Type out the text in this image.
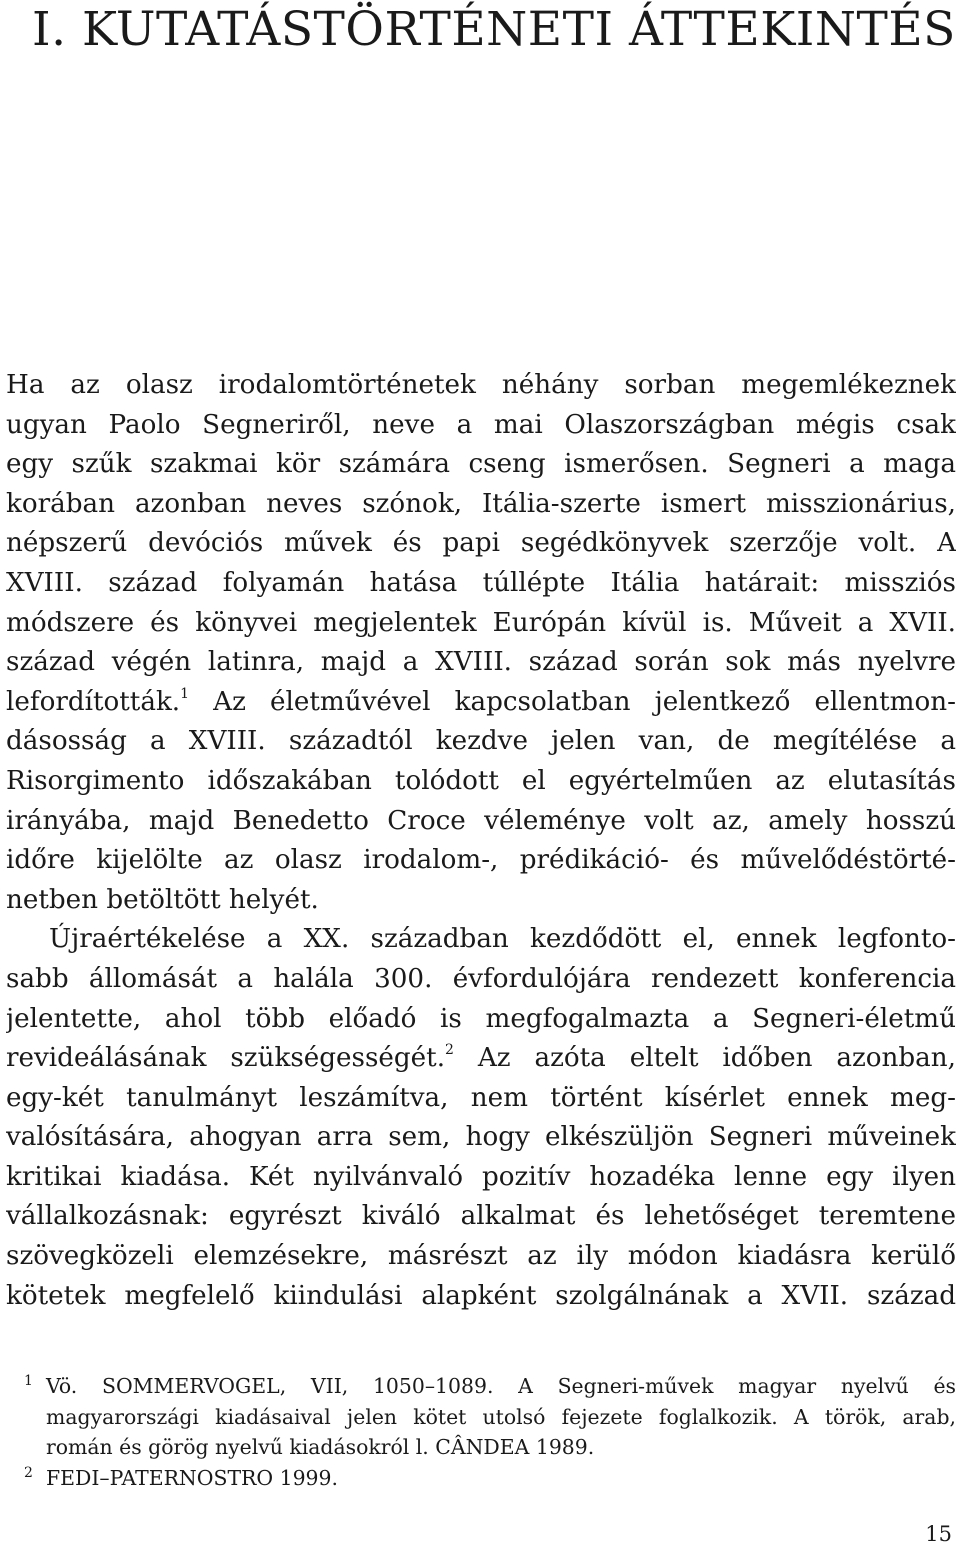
I. KUTATÁSTÖRTÉNETI ÁTTEKINTÉS
Ha az olasz irodalomtörténetek néhány sorban megemlékeznek
ugyan Paolo Segneriről, neve a mai Olaszországban mégis csak
egy szűk szakmai kör számára cseng ismerősen. Segneri a maga
korában azonban neves szónok, Itália-szerte ismert misszionárius,
népszerű devóciós művek és papi segédkönyvek szerzője volt. A
XVIII. század folyamán hatása túllépte Itália határait: missziós
módszere és könyvei megjelentek Európán kívül is. Műveit a XVII.
század végén latinra, majd a XVIII. század során sok más nyelvre
lefordították.$^1$ Az életművével kapcsolatban jelentkező ellentmon-
dásosság a XVIII. századtól kezdve jelen van, de megítélése a
Risorgimento időszakában tolódott el egyértelműen az elutasítás
irányába, majd Benedetto Croce véleménye volt az, amely hosszú
időre kijelölte az olasz irodalom-, prédikáció- és művelődéstörté-
netben betöltött helyét.
Újraértékelése a XX. században kezdődött el, ennek legfonto-
sabb állomását a halála 300. évfordulójára rendezett konferencia
jelentette, ahol több előadó is megfogalmazta a Segneri-életmű
revideálásának szükségességét.$^2$ Az azóta eltelt időben azonban,
egy-két tanulmányt leszámítva, nem történt kísérlet ennek meg-
valósítására, ahogyan arra sem, hogy elkészüljön Segneri műveinek
kritikai kiadása. Két nyilvánvaló pozitív hozadéka lenne egy ilyen
vállalkozásnak: egyrészt kiváló alkalmat és lehetőséget teremtene
szövegközeli elemzésekre, másrészt az ily módon kiadásra kerülő
kötetek megfelelő kiindulási alapként szolgálnának a XVII. század
1 Vö. SOMMERVOGEL, VII, 1050–1089. A Segneri-művek magyar nyelvű és
magyarországi kiadásaival jelen kötet utolsó fejezete foglalkozik. A török, arab,
román és görög nyelvű kiadásokról l. CÂNDEA 1989.
2 FEDI–PATERNOSTRO 1999.
15
